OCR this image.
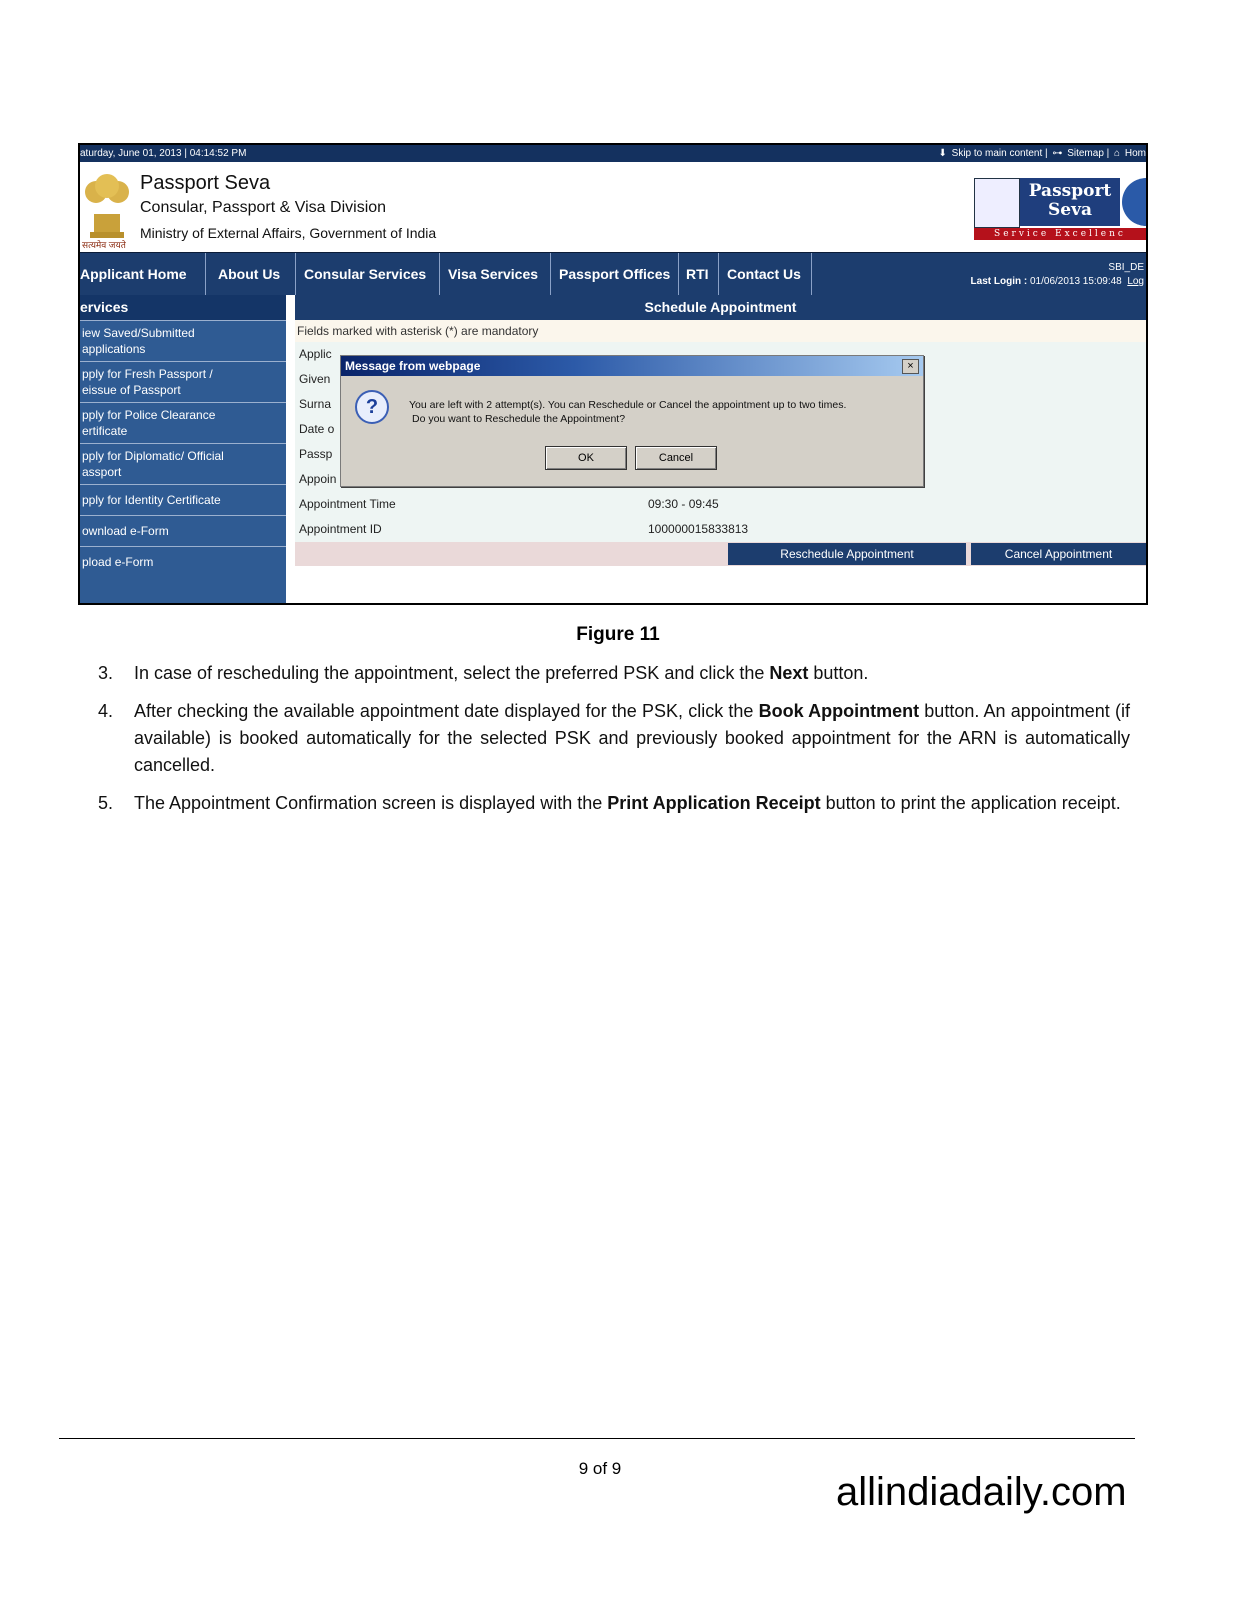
aturday, June 01, 2013 | 04:14:52 PM	⬇ Skip to main content | ⊶ Sitemap | ⌂ Hom
सत्यमेव जयते
Passport Seva
Consular, Passport & Visa Division
Ministry of External Affairs, Government of India
Passport
Seva
Service Excellenc
Applicant Home	About Us	Consular Services	Visa Services	Passport Offices	RTI	Contact Us	SBI_DE
Last Login : 01/06/2013 15:09:48 Log
ervices
iew Saved/Submitted
applications
pply for Fresh Passport /
eissue of Passport
pply for Police Clearance
ertificate
pply for Diplomatic/ Official
assport
pply for Identity Certificate
ownload e-Form
pload e-Form
Schedule Appointment
Fields marked with asterisk (*) are mandatory
Applic
Given
Surna
Date o
Passp
Appoin
Appointment Time	09:30 - 09:45
Appointment ID	100000015833813
Reschedule Appointment	Cancel Appointment
Message from webpage	×
?	You are left with 2 attempt(s). You can Reschedule or Cancel the appointment up to two times.
Do you want to Reschedule the Appointment?
OK	Cancel
Figure 11
3. In case of rescheduling the appointment, select the preferred PSK and click the Next button.
4. After checking the available appointment date displayed for the PSK, click the Book Appointment button. An appointment (if available) is booked automatically for the selected PSK and previously booked appointment for the ARN is automatically cancelled.
5. The Appointment Confirmation screen is displayed with the Print Application Receipt button to print the application receipt.
9 of 9
allindiadaily.com
